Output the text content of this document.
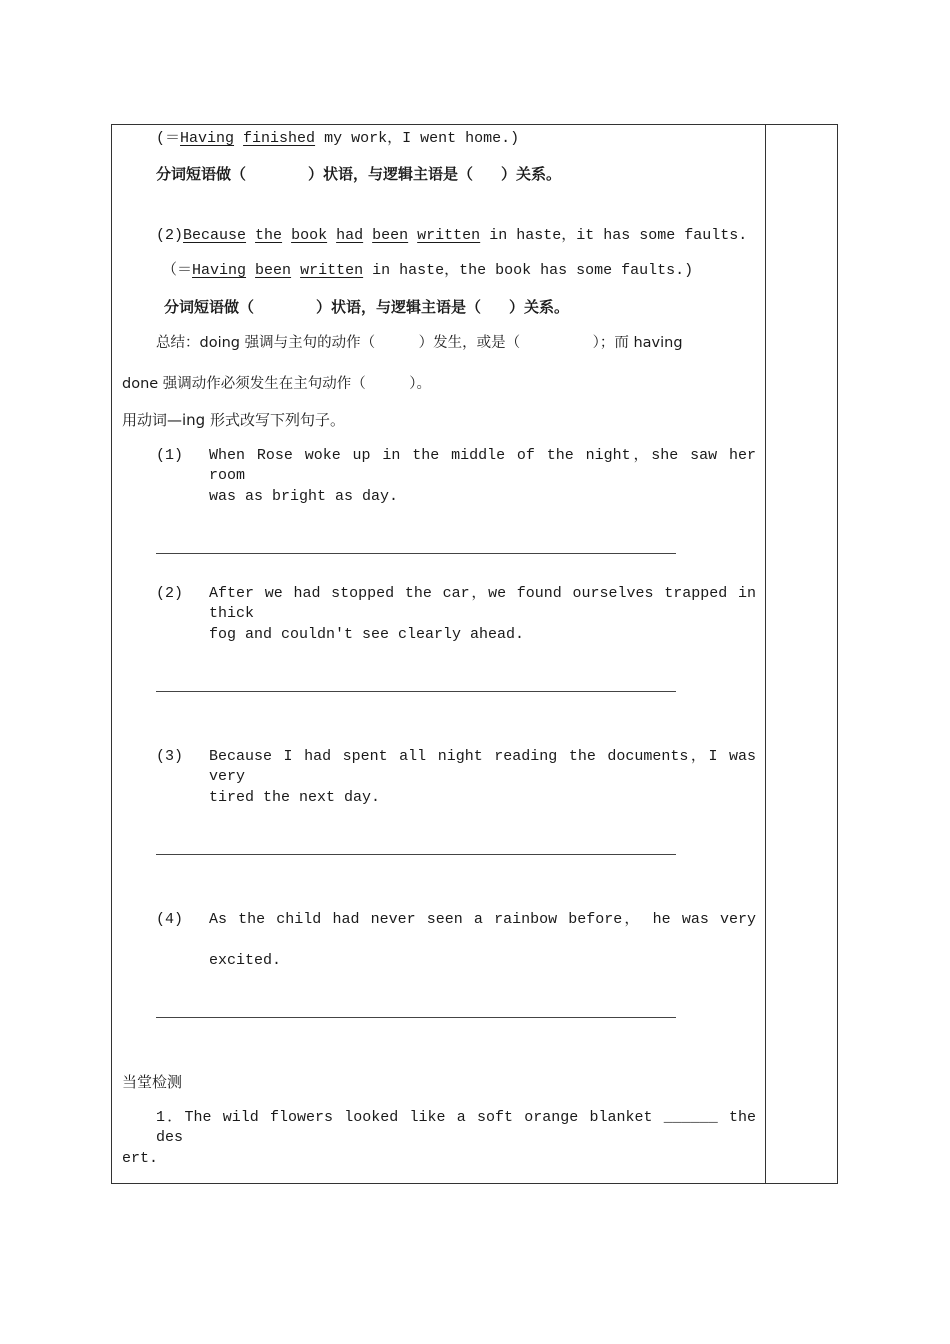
(＝Having finished my work，I went home.)
分词短语做（	）状语，与逻辑主语是（ ）关系。
(2)Because the book had been written in haste，it has some faults.
（＝Having been written in haste，the book has some faults.)
分词短语做（	）状语，与逻辑主语是（ ）关系。
总结：doing 强调与主句的动作（　　　）发生，或是（　　　　　）；而 having
done 强调动作必须发生在主句动作（　　　）。
用动词—ing 形式改写下列句子。
(1) When Rose woke up in the middle of the night，she saw her room
was as bright as day.
(2) After we had stopped the car，we found ourselves trapped in thick
fog and couldn't see clearly ahead.
(3) Because I had spent all night reading the documents，I was very
tired the next day.
(4) As the child had never seen a rainbow before， he was very
excited.
当堂检测
1．The wild flowers looked like a soft orange blanket ______ the des
ert.
